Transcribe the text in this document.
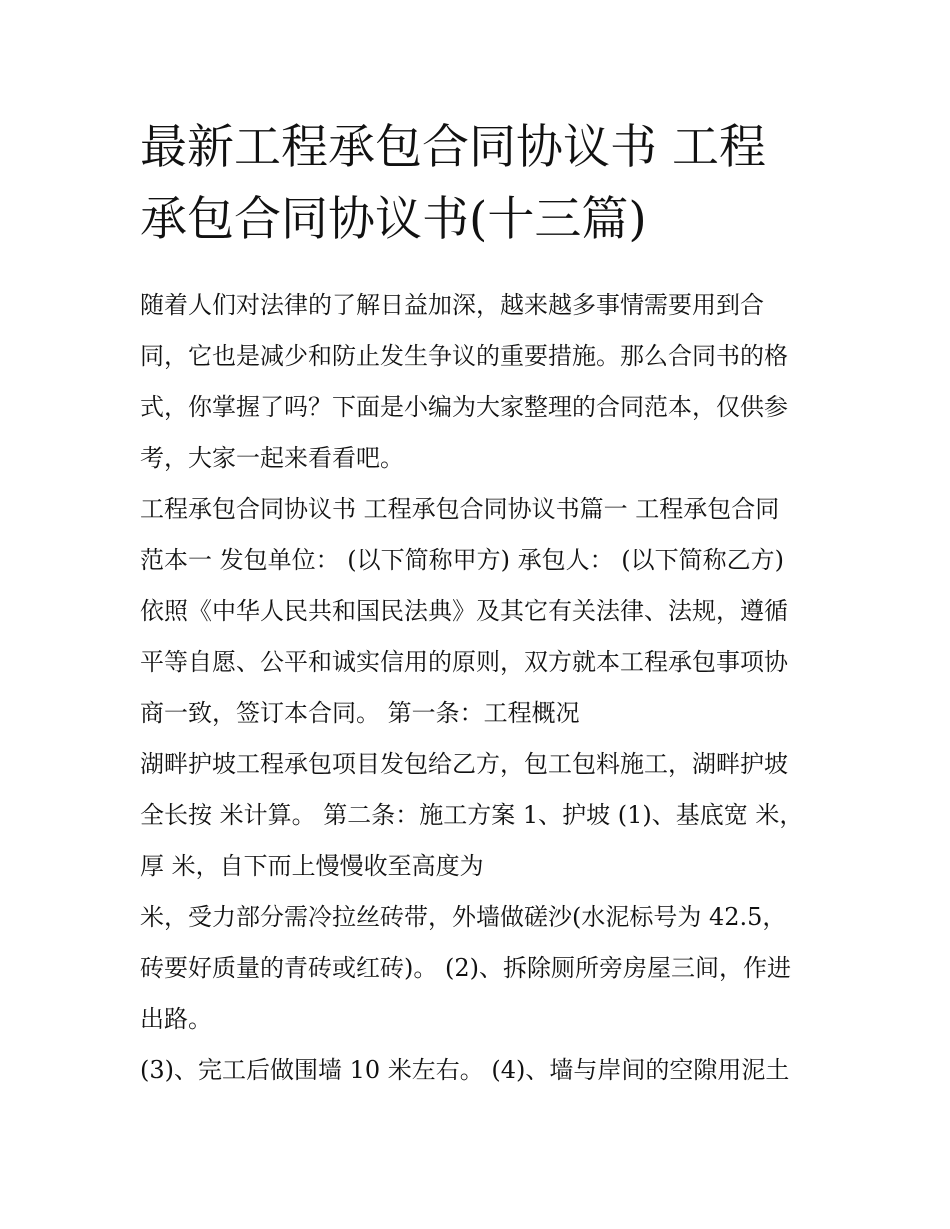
最新工程承包合同协议书 工程
承包合同协议书(十三篇)
随着人们对法律的了解日益加深，越来越多事情需要用到合
同，它也是减少和防止发生争议的重要措施。那么合同书的格
式，你掌握了吗？下面是小编为大家整理的合同范本，仅供参
考，大家一起来看看吧。
工程承包合同协议书 工程承包合同协议书篇一 工程承包合同
范本一 发包单位： (以下简称甲方) 承包人： (以下简称乙方)
依照《中华人民共和国民法典》及其它有关法律、法规，遵循
平等自愿、公平和诚实信用的原则，双方就本工程承包事项协
商一致，签订本合同。 第一条：工程概况
湖畔护坡工程承包项目发包给乙方，包工包料施工，湖畔护坡
全长按 米计算。 第二条：施工方案 1、护坡 (1)、基底宽 米，
厚 米，自下而上慢慢收至高度为
米，受力部分需冷拉丝砖带，外墙做磋沙(水泥标号为 42.5，
砖要好质量的青砖或红砖)。 (2)、拆除厕所旁房屋三间，作进
出路。
(3)、完工后做围墙 10 米左右。 (4)、墙与岸间的空隙用泥土
